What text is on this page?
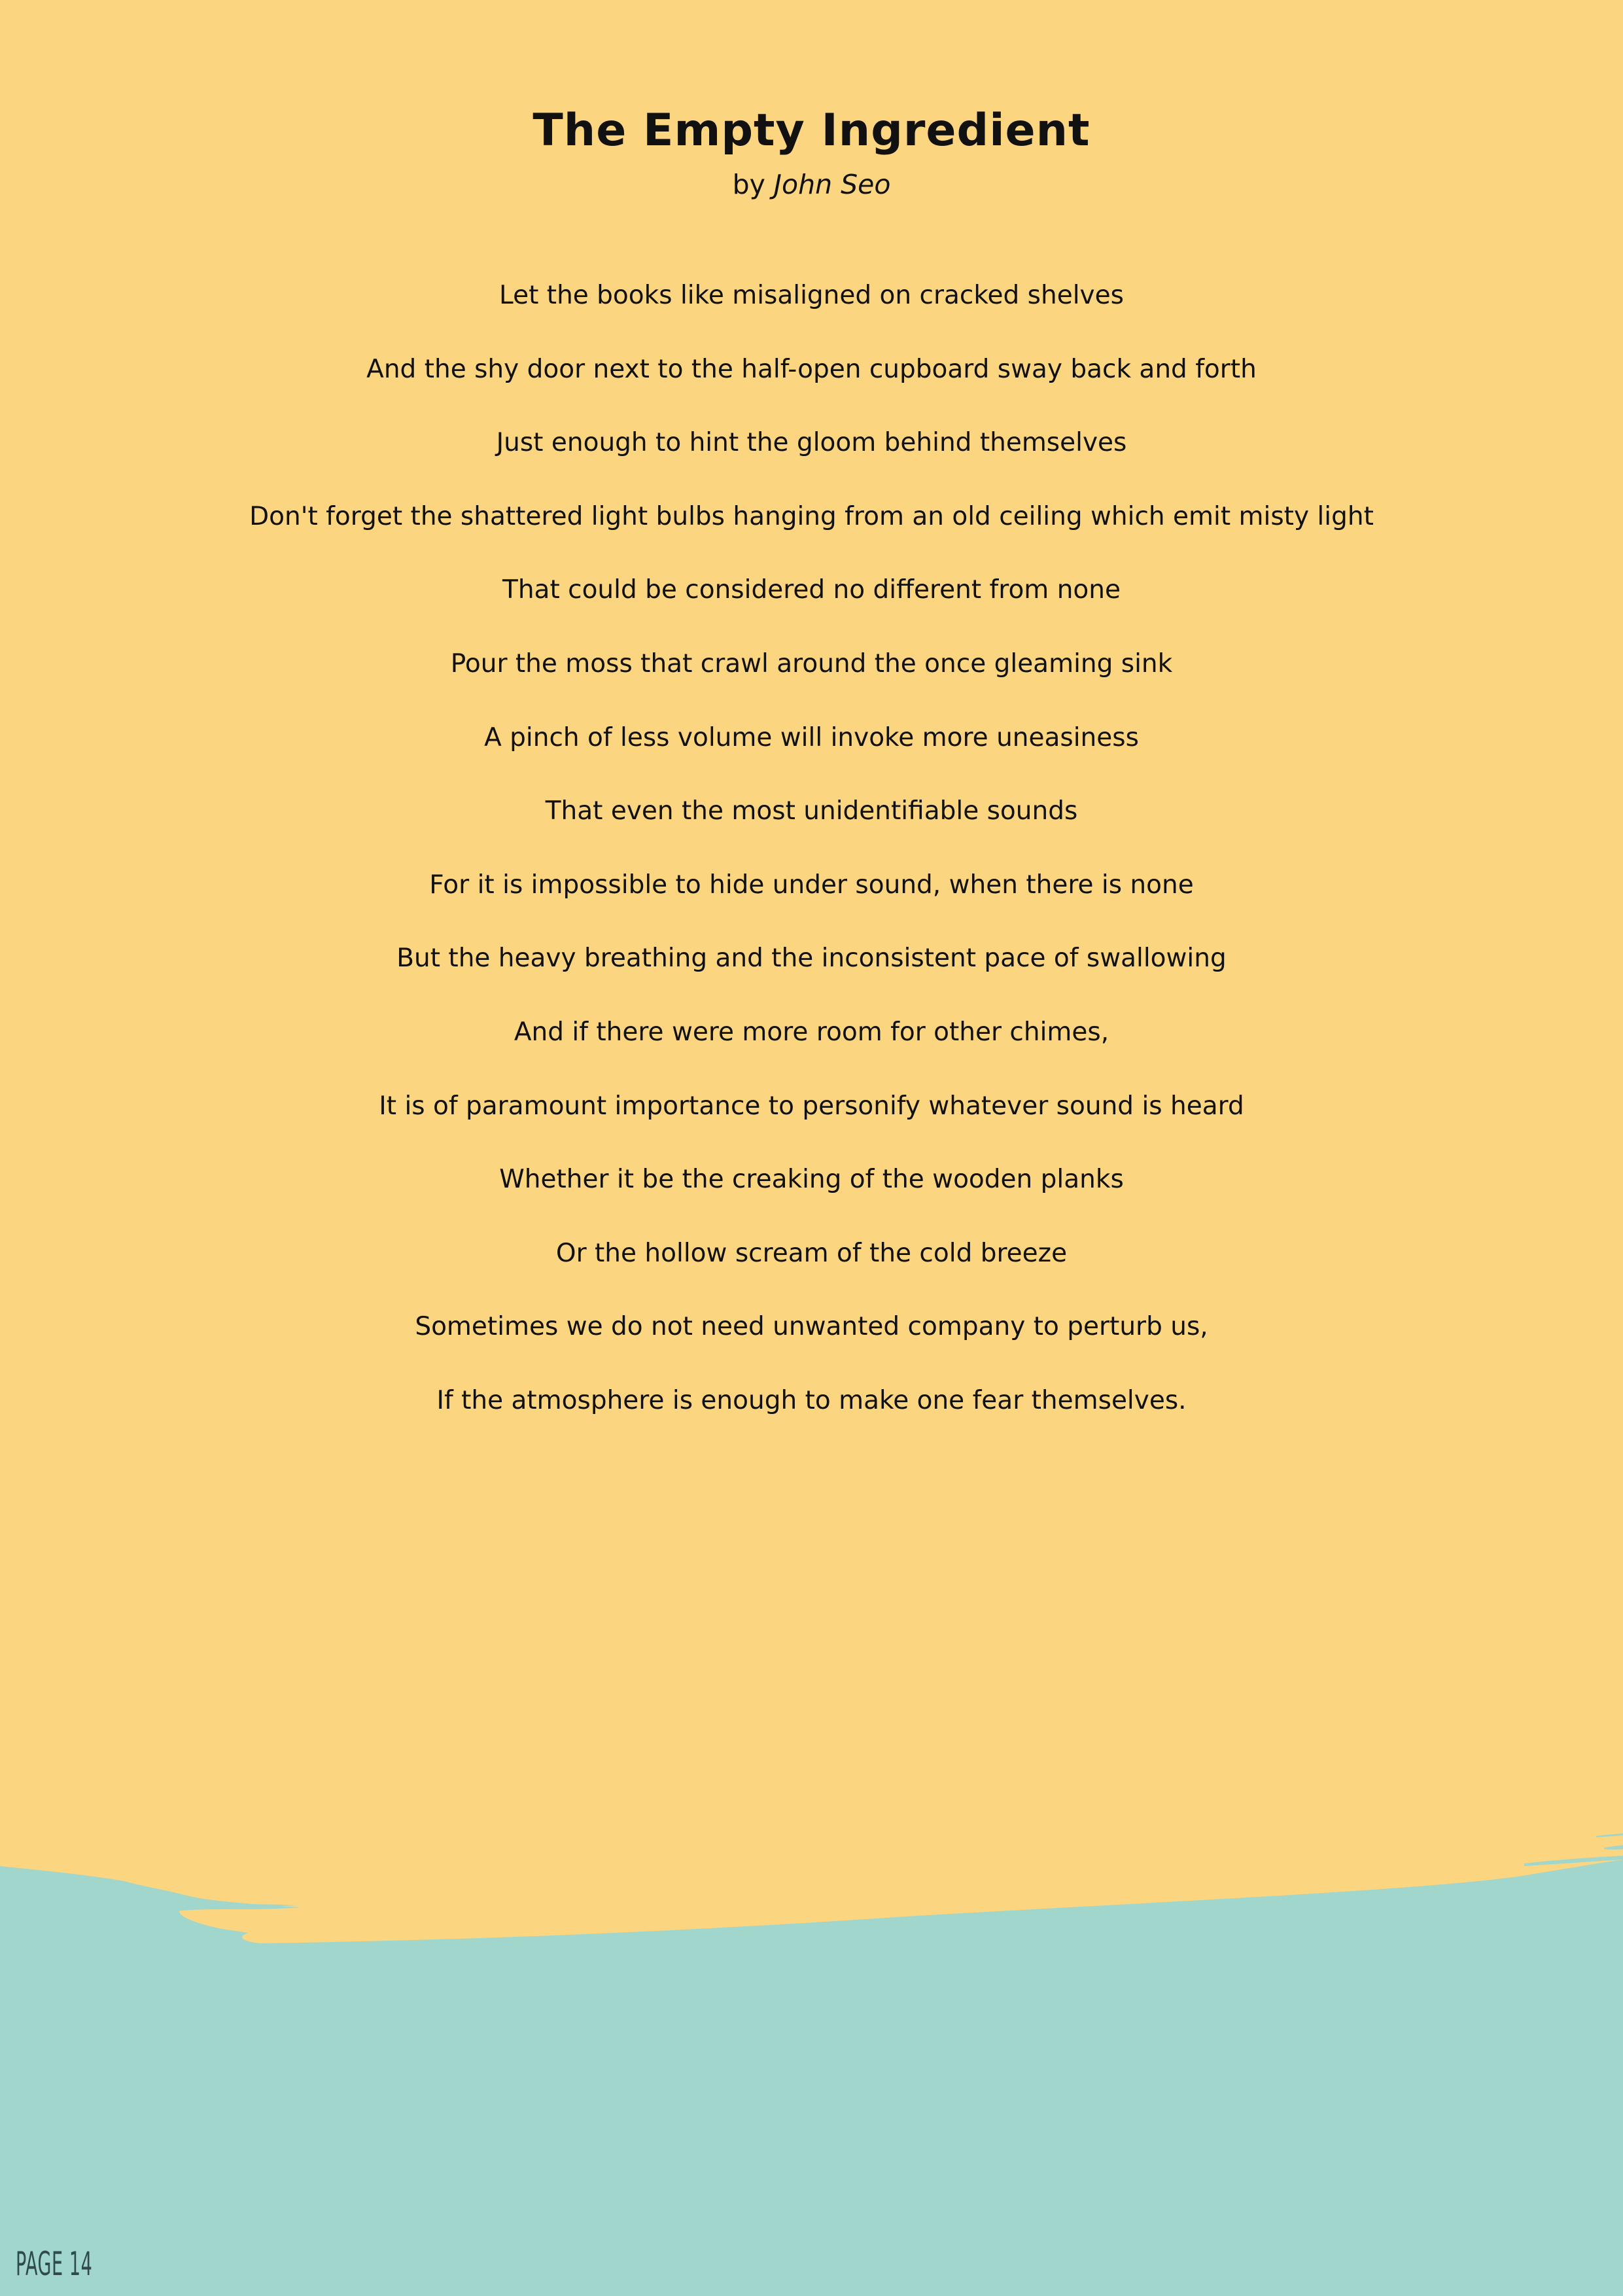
The Empty Ingredient

by John Seo

Let the books like misaligned on cracked shelves
And the shy door next to the half-open cupboard sway back and forth
Just enough to hint the gloom behind themselves
Don't forget the shattered light bulbs hanging from an old ceiling which emit misty light
That could be considered no different from none
Pour the moss that crawl around the once gleaming sink
A pinch of less volume will invoke more uneasiness
That even the most unidentifiable sounds
For it is impossible to hide under sound, when there is none
But the heavy breathing and the inconsistent pace of swallowing
And if there were more room for other chimes,
It is of paramount importance to personify whatever sound is heard
Whether it be the creaking of the wooden planks
Or the hollow scream of the cold breeze
Sometimes we do not need unwanted company to perturb us,
If the atmosphere is enough to make one fear themselves.
PAGE 14
